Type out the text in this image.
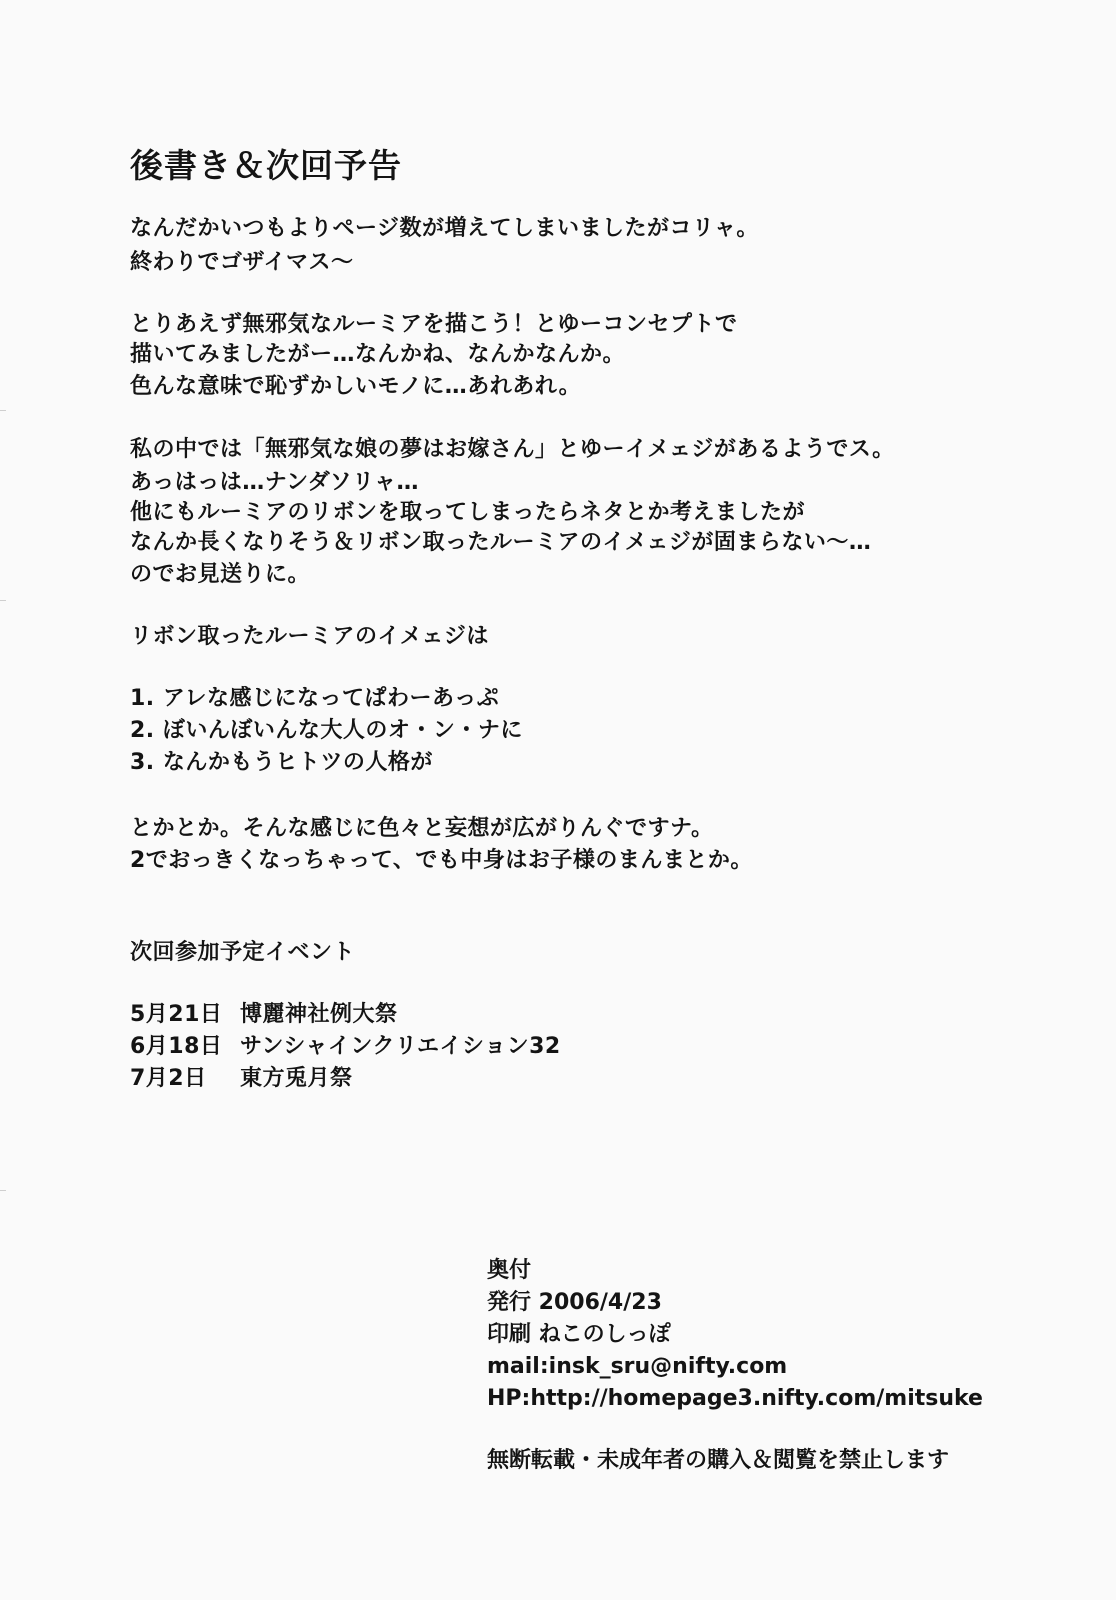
後書き＆次回予告
なんだかいつもよりページ数が増えてしまいましたがコリャ。
終わりでゴザイマス～
とりあえず無邪気なルーミアを描こう！とゆーコンセプトで
描いてみましたがー…なんかね、なんかなんか。
色んな意味で恥ずかしいモノに…あれあれ。
私の中では「無邪気な娘の夢はお嫁さん」とゆーイメェジがあるようでス。
あっはっは…ナンダソリャ…
他にもルーミアのリボンを取ってしまったらネタとか考えましたが
なんか長くなりそう＆リボン取ったルーミアのイメェジが固まらない～…
のでお見送りに。
リボン取ったルーミアのイメェジは
1. アレな感じになってぱわーあっぷ
2. ぼいんぼいんな大人のオ・ン・ナに
3. なんかもうヒトツの人格が
とかとか。そんな感じに色々と妄想が広がりんぐですナ。
2でおっきくなっちゃって、でも中身はお子様のまんまとか。
次回参加予定イベント
5月21日 博麗神社例大祭
6月18日 サンシャインクリエイション32
7月2日 東方兎月祭
奥付
発行 2006/4/23
印刷 ねこのしっぽ
mail:insk_sru@nifty.com
HP:http://homepage3.nifty.com/mitsuke
無断転載・未成年者の購入＆閲覧を禁止します
